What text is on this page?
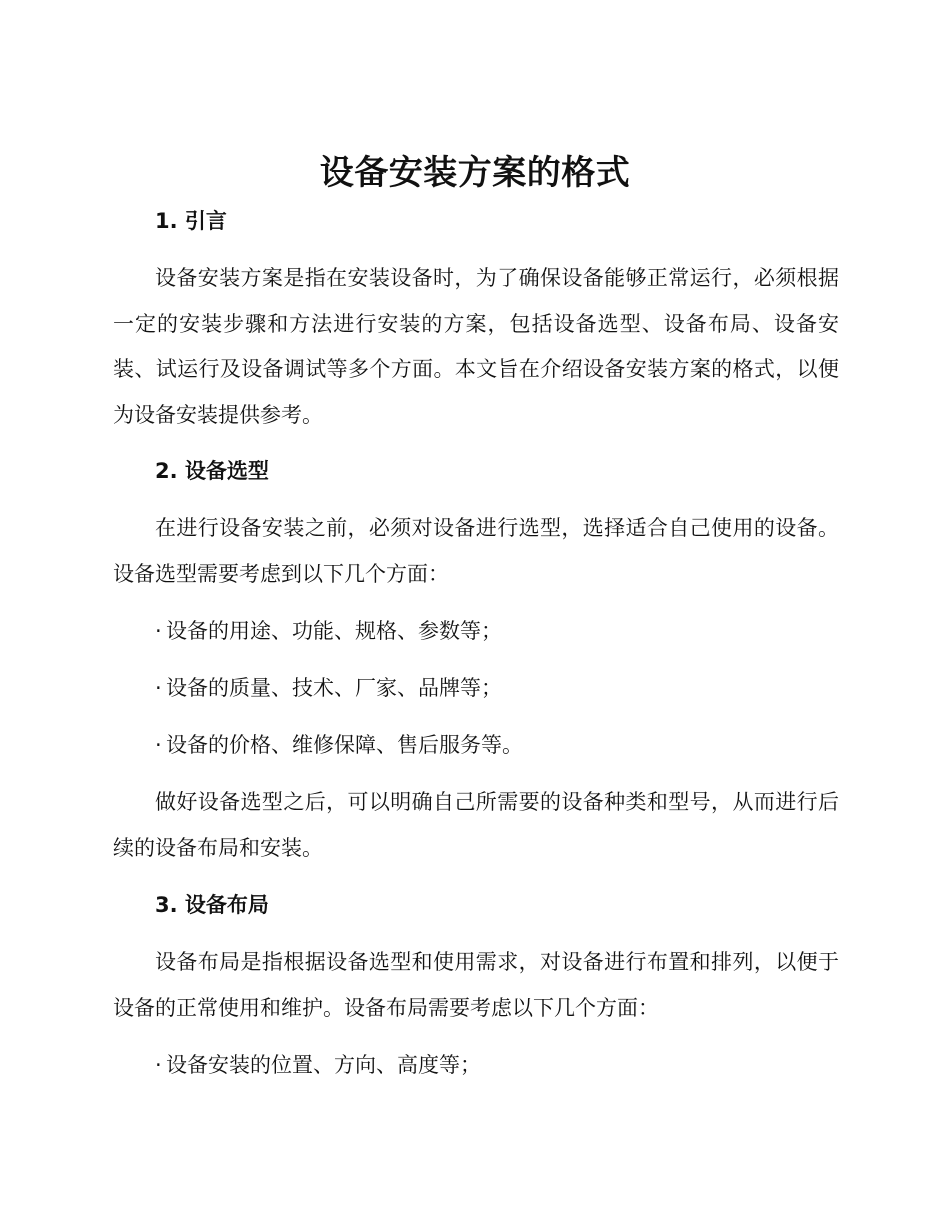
设备安装方案的格式
1. 引言

设备安装方案是指在安装设备时，为了确保设备能够正常运行，必须根据一定的安装步骤和方法进行安装的方案，包括设备选型、设备布局、设备安装、试运行及设备调试等多个方面。本文旨在介绍设备安装方案的格式，以便为设备安装提供参考。

2. 设备选型

在进行设备安装之前，必须对设备进行选型，选择适合自己使用的设备。设备选型需要考虑到以下几个方面：

· 设备的用途、功能、规格、参数等；

· 设备的质量、技术、厂家、品牌等；

· 设备的价格、维修保障、售后服务等。

做好设备选型之后，可以明确自己所需要的设备种类和型号，从而进行后续的设备布局和安装。

3. 设备布局

设备布局是指根据设备选型和使用需求，对设备进行布置和排列，以便于设备的正常使用和维护。设备布局需要考虑以下几个方面：

· 设备安装的位置、方向、高度等；
